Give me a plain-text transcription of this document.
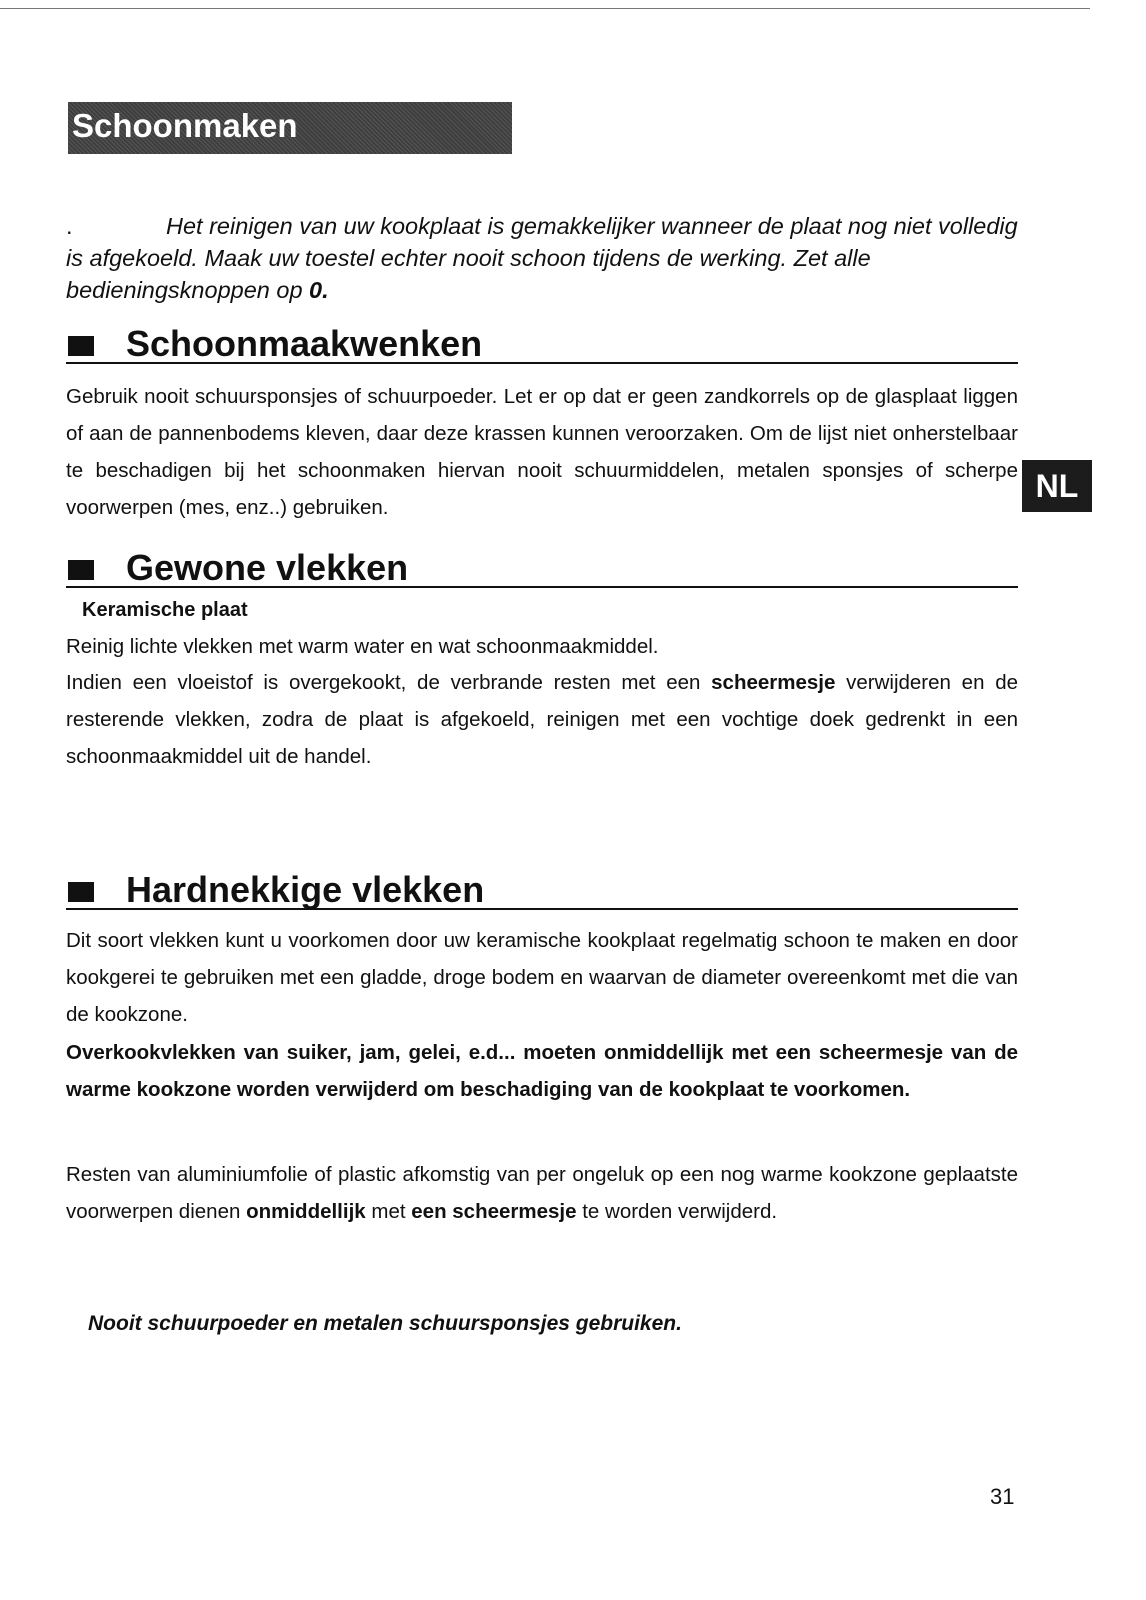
Schoonmaken

.	Het reinigen van uw kookplaat is gemakkelijker wanneer de plaat nog niet volledig is afgekoeld. Maak uw toestel echter nooit schoon tijdens de werking. Zet alle bedieningsknoppen op 0.

Schoonmaakwenken

Gebruik nooit schuursponsjes of schuurpoeder. Let er op dat er geen zandkorrels op de glasplaat liggen of aan de pannenbodems kleven, daar deze krassen kunnen veroorzaken. Om de lijst niet onherstelbaar te beschadigen bij het schoonmaken hiervan nooit schuurmiddelen, metalen sponsjes of scherpe voorwerpen (mes, enz..) gebruiken.

NL
Gewone vlekken

Keramische plaat

Reinig lichte vlekken met warm water en wat schoonmaakmiddel.

Indien een vloeistof is overgekookt, de verbrande resten met een scheermesje verwijderen en de resterende vlekken, zodra de plaat is afgekoeld, reinigen met een vochtige doek gedrenkt in een schoonmaakmiddel uit de handel.

Hardnekkige vlekken

Dit soort vlekken kunt u voorkomen door uw keramische kookplaat regelmatig schoon te maken en door kookgerei te gebruiken met een gladde, droge bodem en waarvan de diameter overeenkomt met die van de kookzone.

Overkookvlekken van suiker, jam, gelei, e.d... moeten onmiddellijk met een scheermesje van de warme kookzone worden verwijderd om beschadiging van de kookplaat te voorkomen.

Resten van aluminiumfolie of plastic afkomstig van per ongeluk op een nog warme kookzone geplaatste voorwerpen dienen onmiddellijk met een scheermesje te worden verwijderd.

Nooit schuurpoeder en metalen schuursponsjes gebruiken.

31
